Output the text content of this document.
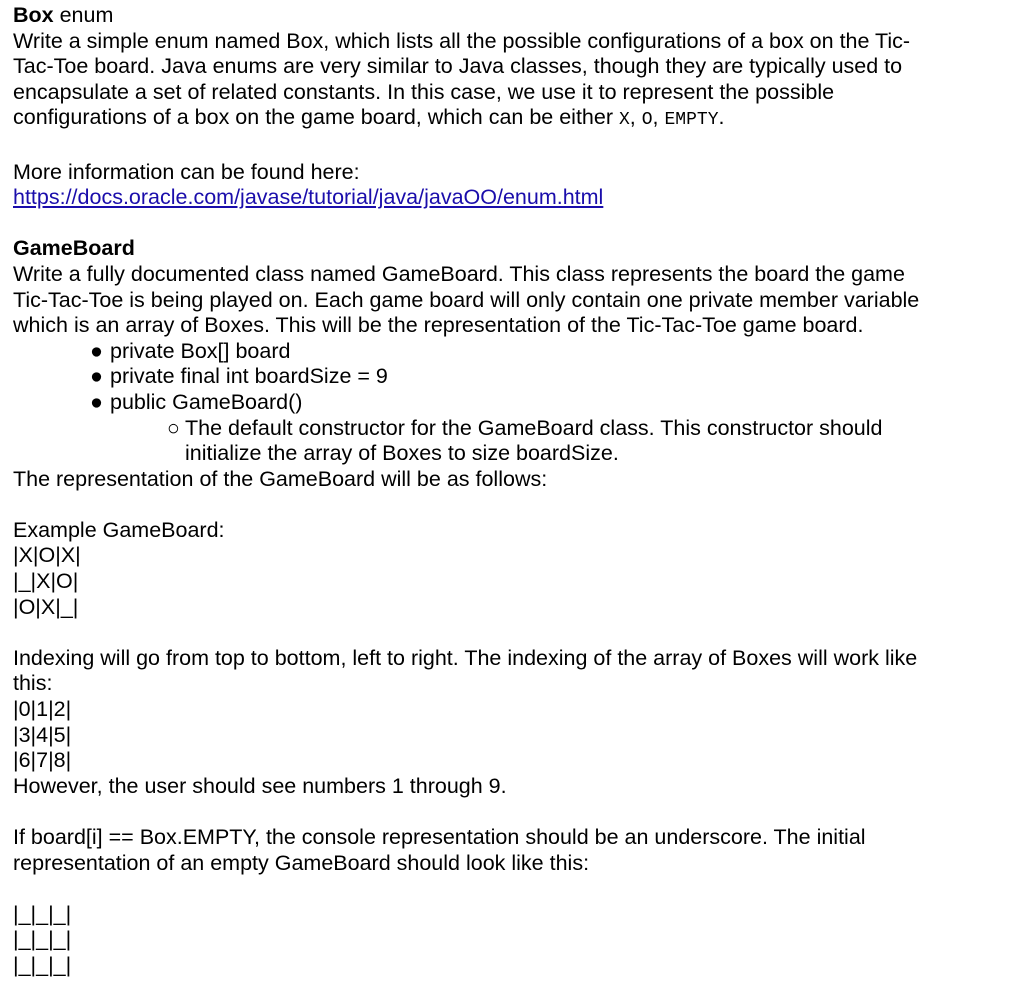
Box enum
Write a simple enum named Box, which lists all the possible configurations of a box on the Tic-
Tac-Toe board. Java enums are very similar to Java classes, though they are typically used to
encapsulate a set of related constants. In this case, we use it to represent the possible
configurations of a box on the game board, which can be either X, O, EMPTY.
More information can be found here:
https://docs.oracle.com/javase/tutorial/java/javaOO/enum.html
GameBoard
Write a fully documented class named GameBoard. This class represents the board the game
Tic-Tac-Toe is being played on. Each game board will only contain one private member variable
which is an array of Boxes. This will be the representation of the Tic-Tac-Toe game board.
● private Box[] board
● private final int boardSize = 9
● public GameBoard()
○ The default constructor for the GameBoard class. This constructor should
initialize the array of Boxes to size boardSize.
The representation of the GameBoard will be as follows:
Example GameBoard:
|X|O|X|
|_|X|O|
|O|X|_|
Indexing will go from top to bottom, left to right. The indexing of the array of Boxes will work like
this:
|0|1|2|
|3|4|5|
|6|7|8|
However, the user should see numbers 1 through 9.
If board[i] == Box.EMPTY, the console representation should be an underscore. The initial
representation of an empty GameBoard should look like this:
|_|_|_|
|_|_|_|
|_|_|_|
